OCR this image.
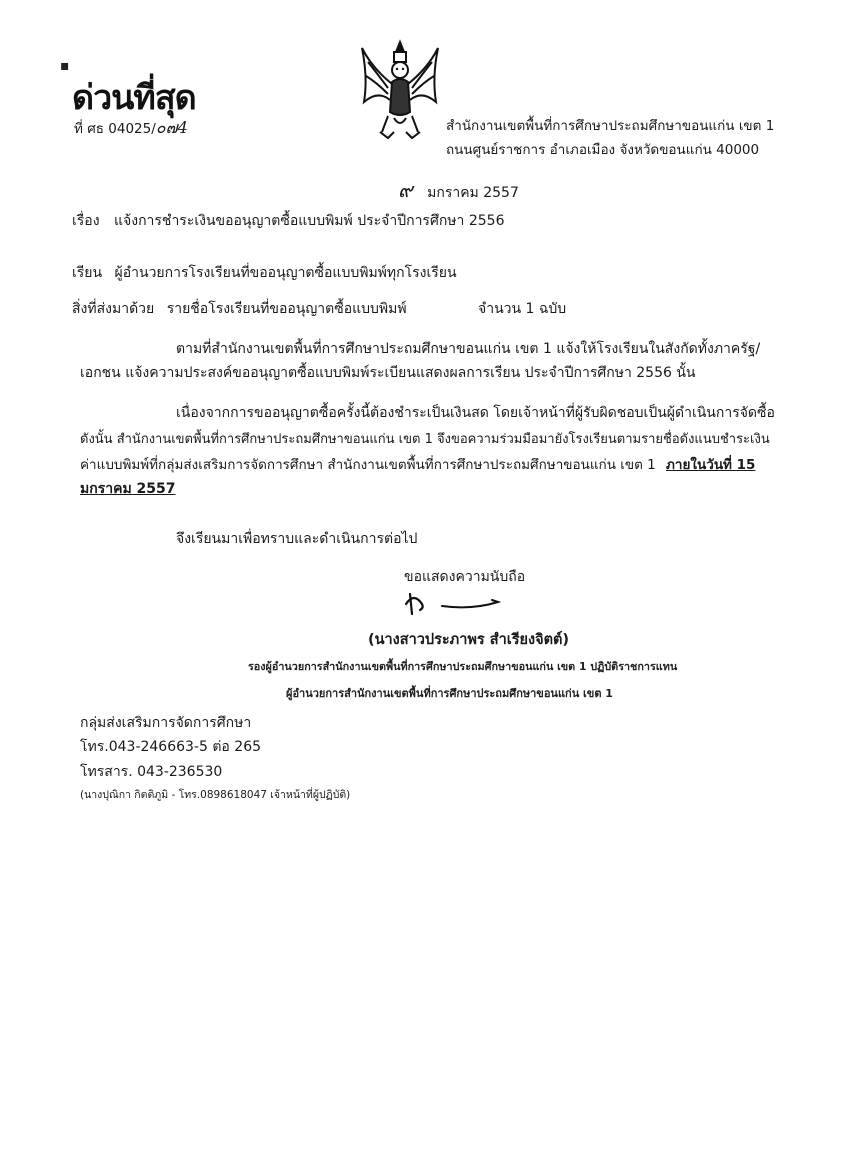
▪
ด่วนที่สุด
ที่ ศธ 04025/๐๗4	สำนักงานเขตพื้นที่การศึกษาประถมศึกษาขอนแก่น เขต 1
ถนนศูนย์ราชการ อำเภอเมือง จังหวัดขอนแก่น 40000
๙ มกราคม 2557
เรื่อง แจ้งการชำระเงินขออนุญาตซื้อแบบพิมพ์ ประจำปีการศึกษา 2556
เรียน ผู้อำนวยการโรงเรียนที่ขออนุญาตซื้อแบบพิมพ์ทุกโรงเรียน
สิ่งที่ส่งมาด้วย รายชื่อโรงเรียนที่ขออนุญาตซื้อแบบพิมพ์	จำนวน 1 ฉบับ
ตามที่สำนักงานเขตพื้นที่การศึกษาประถมศึกษาขอนแก่น เขต 1 แจ้งให้โรงเรียนในสังกัดทั้งภาครัฐ/
เอกชน แจ้งความประสงค์ขออนุญาตซื้อแบบพิมพ์ระเบียนแสดงผลการเรียน ประจำปีการศึกษา 2556 นั้น
เนื่องจากการขออนุญาตซื้อครั้งนี้ต้องชำระเป็นเงินสด โดยเจ้าหน้าที่ผู้รับผิดชอบเป็นผู้ดำเนินการจัดซื้อ
ดังนั้น สำนักงานเขตพื้นที่การศึกษาประถมศึกษาขอนแก่น เขต 1 จึงขอความร่วมมือมายังโรงเรียนตามรายชื่อดังแนบชำระเงิน
ค่าแบบพิมพ์ที่กลุ่มส่งเสริมการจัดการศึกษา สำนักงานเขตพื้นที่การศึกษาประถมศึกษาขอนแก่น เขต 1 ภายในวันที่ 15
มกราคม 2557
จึงเรียนมาเพื่อทราบและดำเนินการต่อไป
ขอแสดงความนับถือ
(นางสาวประภาพร สำเรียงจิตต์)
รองผู้อำนวยการสำนักงานเขตพื้นที่การศึกษาประถมศึกษาขอนแก่น เขต 1 ปฏิบัติราชการแทน
ผู้อำนวยการสำนักงานเขตพื้นที่การศึกษาประถมศึกษาขอนแก่น เขต 1
กลุ่มส่งเสริมการจัดการศึกษา
โทร.043-246663-5 ต่อ 265
โทรสาร. 043-236530
(นางปุณิกา กิตติภูมิ - โทร.0898618047 เจ้าหน้าที่ผู้ปฏิบัติ)
